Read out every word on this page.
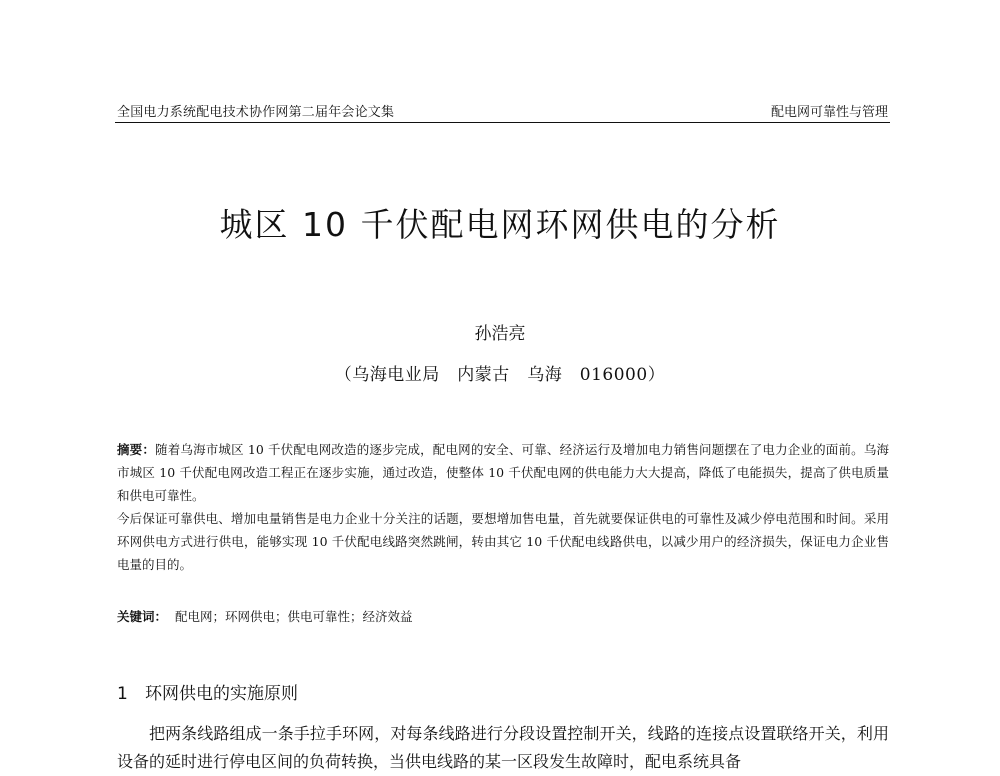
全国电力系统配电技术协作网第二届年会论文集	配电网可靠性与管理
城区 10 千伏配电网环网供电的分析
孙浩亮
（乌海电业局　内蒙古　乌海　016000）

摘要：随着乌海市城区 10 千伏配电网改造的逐步完成，配电网的安全、可靠、经济运行及增加电力销售问题摆在了电力企业的面前。乌海市城区 10 千伏配电网改造工程正在逐步实施，通过改造，使整体 10 千伏配电网的供电能力大大提高，降低了电能损失，提高了供电质量和供电可靠性。

今后保证可靠供电、增加电量销售是电力企业十分关注的话题，要想增加售电量，首先就要保证供电的可靠性及减少停电范围和时间。采用环网供电方式进行供电，能够实现 10 千伏配电线路突然跳闸，转由其它 10 千伏配电线路供电，以减少用户的经济损失，保证电力企业售电量的目的。

关键词： 配电网；环网供电；供电可靠性；经济效益
1 环网供电的实施原则

把两条线路组成一条手拉手环网，对每条线路进行分段设置控制开关，线路的连接点设置联络开关，利用设备的延时进行停电区间的负荷转换，当供电线路的某一区段发生故障时，配电系统具备
